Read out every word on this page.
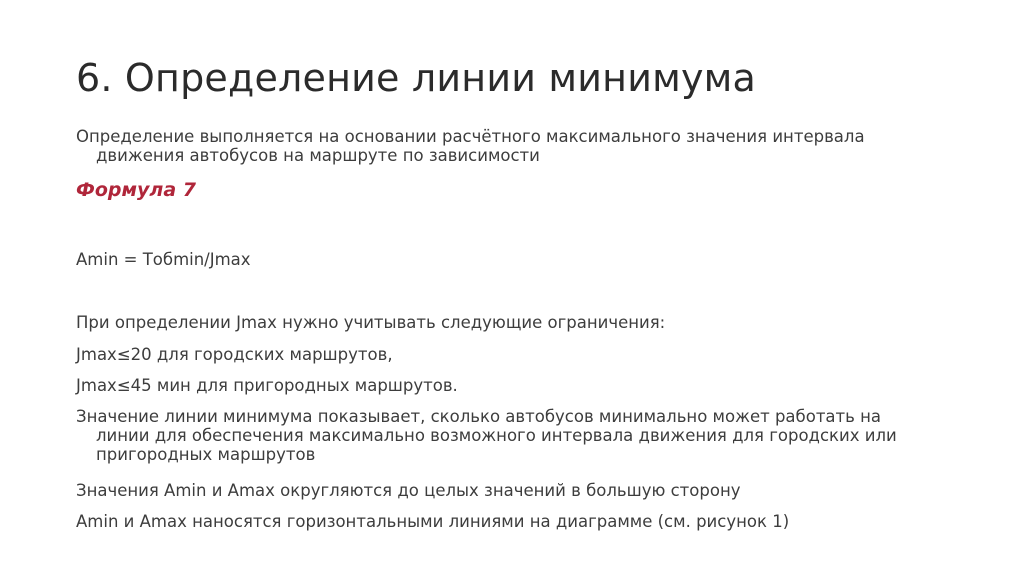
6. Определение линии минимума
Определение выполняется на основании расчётного максимального значения интервала
движения автобусов на маршруте по зависимости
Формула 7
Amin = Tобmin/Jmax
При определении Jmax нужно учитывать следующие ограничения:
Jmax≤20 для городских маршрутов,
Jmax≤45 мин для пригородных маршрутов.
Значение линии минимума показывает, сколько автобусов минимально может работать на
линии для обеспечения максимально возможного интервала движения для городских или
пригородных маршрутов
Значения Amin и Amax округляются до целых значений в большую сторону
Amin и Amax наносятся горизонтальными линиями на диаграмме (см. рисунок 1)
